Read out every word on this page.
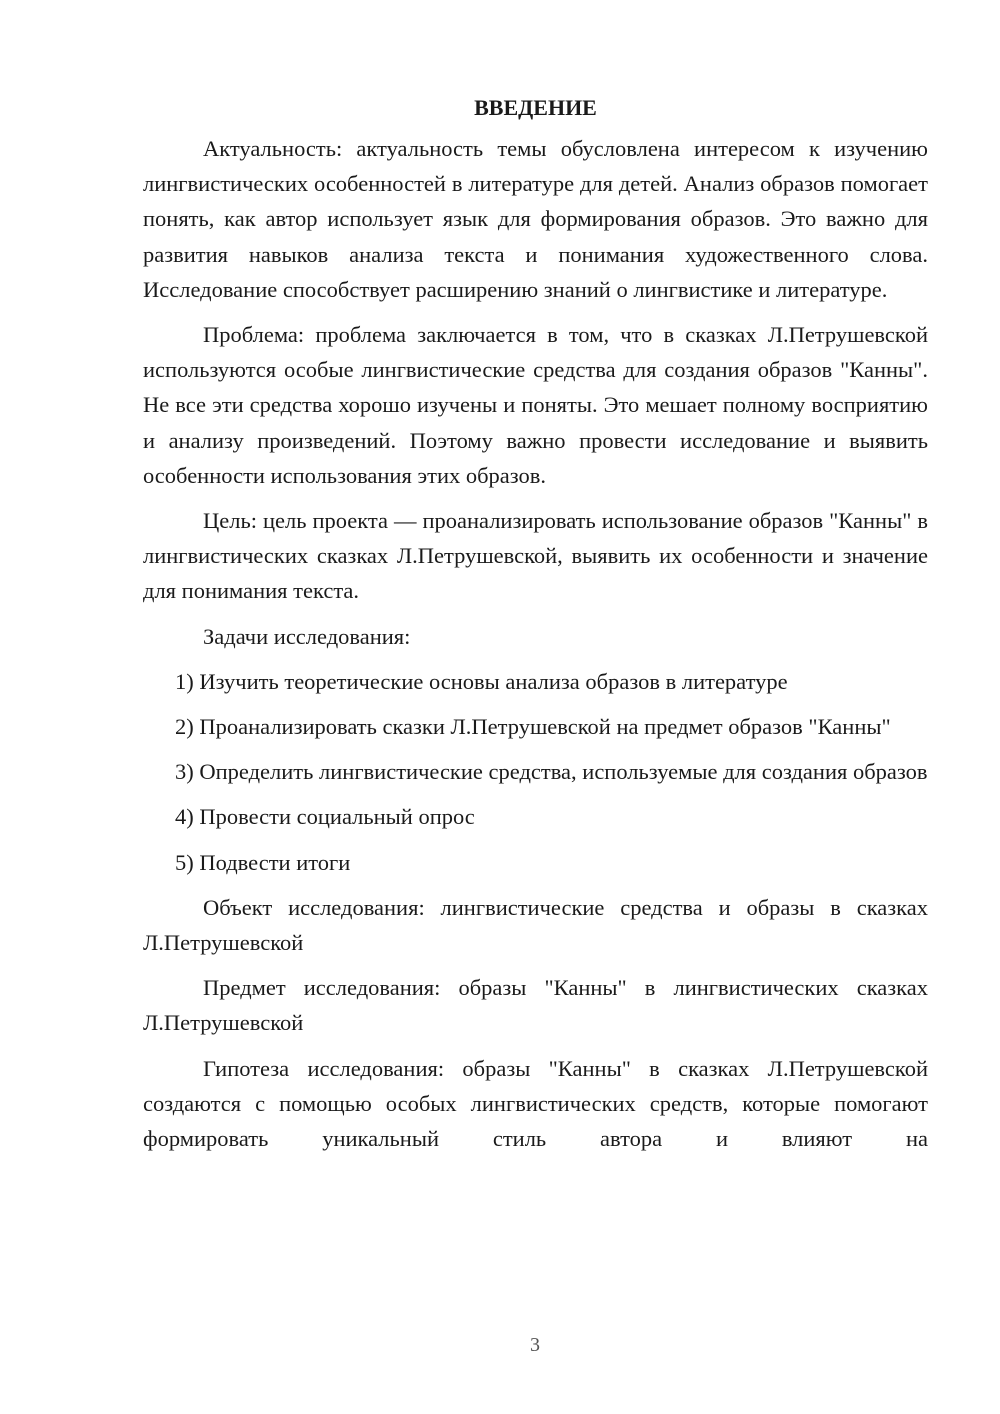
ВВЕДЕНИЕ

Актуальность: актуальность темы обусловлена интересом к изучению лингвистических особенностей в литературе для детей. Анализ образов помогает понять, как автор использует язык для формирования образов. Это важно для развития навыков анализа текста и понимания художественного слова. Исследование способствует расширению знаний о лингвистике и литературе.

Проблема: проблема заключается в том, что в сказках Л.Петрушевской используются особые лингвистические средства для создания образов "Канны". Не все эти средства хорошо изучены и поняты. Это мешает полному восприятию и анализу произведений. Поэтому важно провести исследование и выявить особенности использования этих образов.

Цель: цель проекта — проанализировать использование образов "Канны" в лингвистических сказках Л.Петрушевской, выявить их особенности и значение для понимания текста.

Задачи исследования:

1) Изучить теоретические основы анализа образов в литературе

2) Проанализировать сказки Л.Петрушевской на предмет образов "Канны"

3) Определить лингвистические средства, используемые для создания образов

4) Провести социальный опрос

5) Подвести итоги

Объект исследования: лингвистические средства и образы в сказках Л.Петрушевской

Предмет исследования: образы "Канны" в лингвистических сказках Л.Петрушевской

Гипотеза исследования: образы "Канны" в сказках Л.Петрушевской создаются с помощью особых лингвистических средств, которые помогают формировать уникальный стиль автора и влияют на

3
